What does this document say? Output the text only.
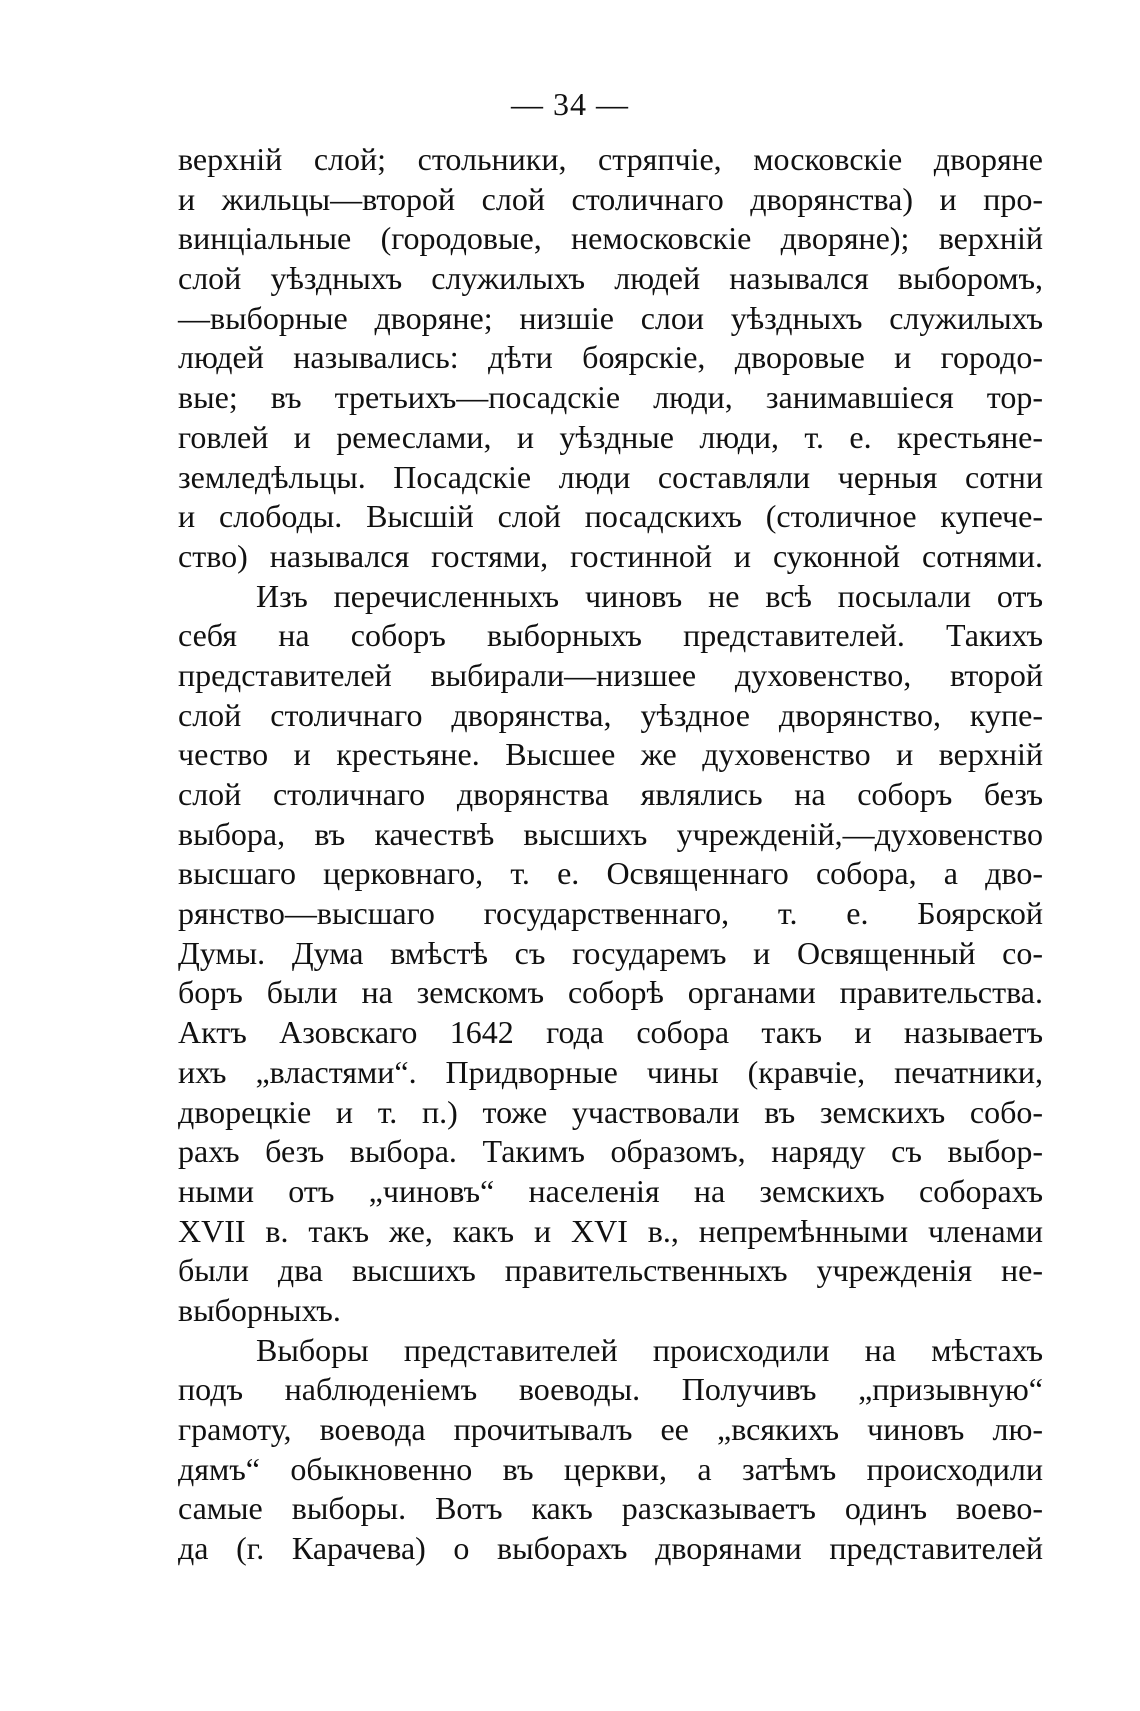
— 34 —
верхнiй слой; стольники, стряпчiе, московскiе дворяне
и жильцы—второй слой столичнаго дворянства) и про-
винцiальные (городовые, немосковскiе дворяне); верхнiй
слой уѣздныхъ служилыхъ людей назывался выборомъ,
—выборные дворяне; низшiе слои уѣздныхъ служилыхъ
людей назывались: дѣти боярскiе, дворовые и городо-
вые; въ третьихъ—посадскiе люди, занимавшiеся тор-
говлей и ремеслами, и уѣздные люди, т. е. крестьяне-
земледѣльцы. Посадскiе люди составляли черныя сотни
и слободы. Высшiй слой посадскихъ (столичное купече-
ство) назывался гостями, гостинной и суконной сотнями.
Изъ перечисленныхъ чиновъ не всѣ посылали отъ
себя на соборъ выборныхъ представителей. Такихъ
представителей выбирали—низшее духовенство, второй
слой столичнаго дворянства, уѣздное дворянство, купе-
чество и крестьяне. Высшее же духовенство и верхнiй
слой столичнаго дворянства являлись на соборъ безъ
выбора, въ качествѣ высшихъ учрежденiй,—духовенство
высшаго церковнаго, т. е. Освященнаго собора, а дво-
рянство—высшаго государственнаго, т. е. Боярской
Думы. Дума вмѣстѣ съ государемъ и Освященный со-
боръ были на земскомъ соборѣ органами правительства.
Актъ Азовскаго 1642 года собора такъ и называетъ
ихъ „властями“. Придворные чины (кравчiе, печатники,
дворецкiе и т. п.) тоже участвовали въ земскихъ собо-
рахъ безъ выбора. Такимъ образомъ, наряду съ выбор-
ными отъ „чиновъ“ населенiя на земскихъ соборахъ
XVII в. такъ же, какъ и XVI в., непремѣнными членами
были два высшихъ правительственныхъ учрежденiя не-
выборныхъ.
Выборы представителей происходили на мѣстахъ
подъ наблюденiемъ воеводы. Получивъ „призывную“
грамоту, воевода прочитывалъ ее „всякихъ чиновъ лю-
дямъ“ обыкновенно въ церкви, а затѣмъ происходили
самые выборы. Вотъ какъ разсказываетъ одинъ воево-
да (г. Карачева) о выборахъ дворянами представителей
